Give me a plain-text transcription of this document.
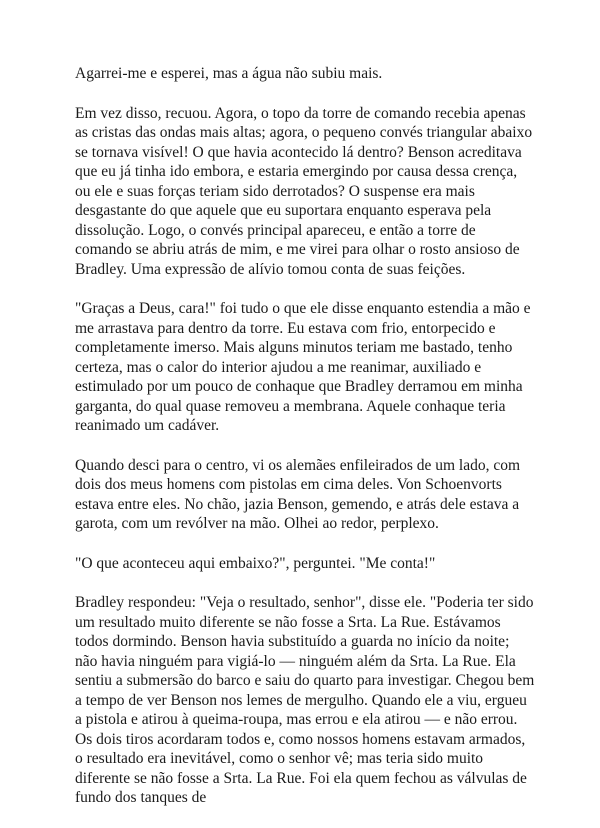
Agarrei-me e esperei, mas a água não subiu mais.

Em vez disso, recuou. Agora, o topo da torre de comando recebia apenas as cristas das ondas mais altas; agora, o pequeno convés triangular abaixo se tornava visível! O que havia acontecido lá dentro? Benson acreditava que eu já tinha ido embora, e estaria emergindo por causa dessa crença, ou ele e suas forças teriam sido derrotados? O suspense era mais desgastante do que aquele que eu suportara enquanto esperava pela dissolução. Logo, o convés principal apareceu, e então a torre de comando se abriu atrás de mim, e me virei para olhar o rosto ansioso de Bradley. Uma expressão de alívio tomou conta de suas feições.

"Graças a Deus, cara!" foi tudo o que ele disse enquanto estendia a mão e me arrastava para dentro da torre. Eu estava com frio, entorpecido e completamente imerso. Mais alguns minutos teriam me bastado, tenho certeza, mas o calor do interior ajudou a me reanimar, auxiliado e estimulado por um pouco de conhaque que Bradley derramou em minha garganta, do qual quase removeu a membrana. Aquele conhaque teria reanimado um cadáver.

Quando desci para o centro, vi os alemães enfileirados de um lado, com dois dos meus homens com pistolas em cima deles. Von Schoenvorts estava entre eles. No chão, jazia Benson, gemendo, e atrás dele estava a garota, com um revólver na mão. Olhei ao redor, perplexo.

"O que aconteceu aqui embaixo?", perguntei. "Me conta!"

Bradley respondeu: "Veja o resultado, senhor", disse ele. "Poderia ter sido um resultado muito diferente se não fosse a Srta. La Rue. Estávamos todos dormindo. Benson havia substituído a guarda no início da noite; não havia ninguém para vigiá-lo — ninguém além da Srta. La Rue. Ela sentiu a submersão do barco e saiu do quarto para investigar. Chegou bem a tempo de ver Benson nos lemes de mergulho. Quando ele a viu, ergueu a pistola e atirou à queima-roupa, mas errou e ela atirou — e não errou. Os dois tiros acordaram todos e, como nossos homens estavam armados, o resultado era inevitável, como o senhor vê; mas teria sido muito diferente se não fosse a Srta. La Rue. Foi ela quem fechou as válvulas de fundo dos tanques de
